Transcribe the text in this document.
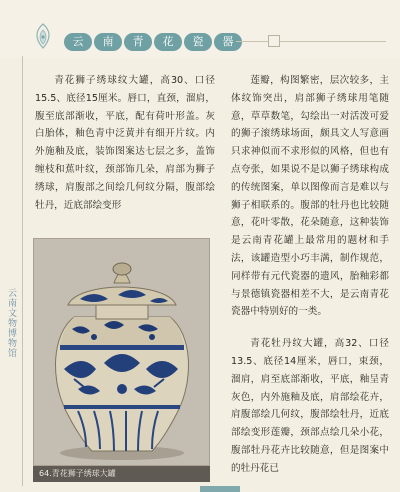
云	南	青	花	瓷	器
云南文物博物馆

青花狮子绣球纹大罐，高30、口径15.5、底径15厘米。唇口，直颈，溜肩，腹至底部渐收，平底，配有荷叶形盖。灰白胎体，釉色青中泛黄并有细开片纹。内外施釉及底，装饰图案达七层之多，盖饰缠枝和蕉叶纹，颈部饰几朵，肩部为狮子绣球，肩腹部之间绘几何纹分隔，腹部绘牡丹，近底部绘变形

莲瓣，构图繁密，层次较多，主体纹饰突出，肩部狮子绣球用笔随意，草草数笔，勾绘出一对活泼可爱的狮子滚绣球场面，颇具文人写意画只求神似而不求形似的风格，但也有点夸张，如果说不是以狮子绣球构成的传统图案，单以图像而言是难以与狮子相联系的。腹部的牡丹也比较随意，花叶零散，花朵随意，这种装饰是云南青花罐上最常用的题材和手法，该罐造型小巧丰满，制作规范，同样带有元代瓷器的遗风，胎釉彩都与景德镇瓷器相差不大，是云南青花瓷器中特别好的一类。

青花牡丹纹大罐，高32、口径13.5、底径14厘米，唇口，束颈，溜肩，肩至底部渐收，平底，釉呈青灰色，内外施釉及底，肩部绘花卉，肩腹部绘几何纹，腹部绘牡丹，近底部绘变形莲瓣，颈部点绘几朵小花，腹部牡丹花卉比较随意，但是图案中的牡丹花已

64.青花狮子绣球大罐
